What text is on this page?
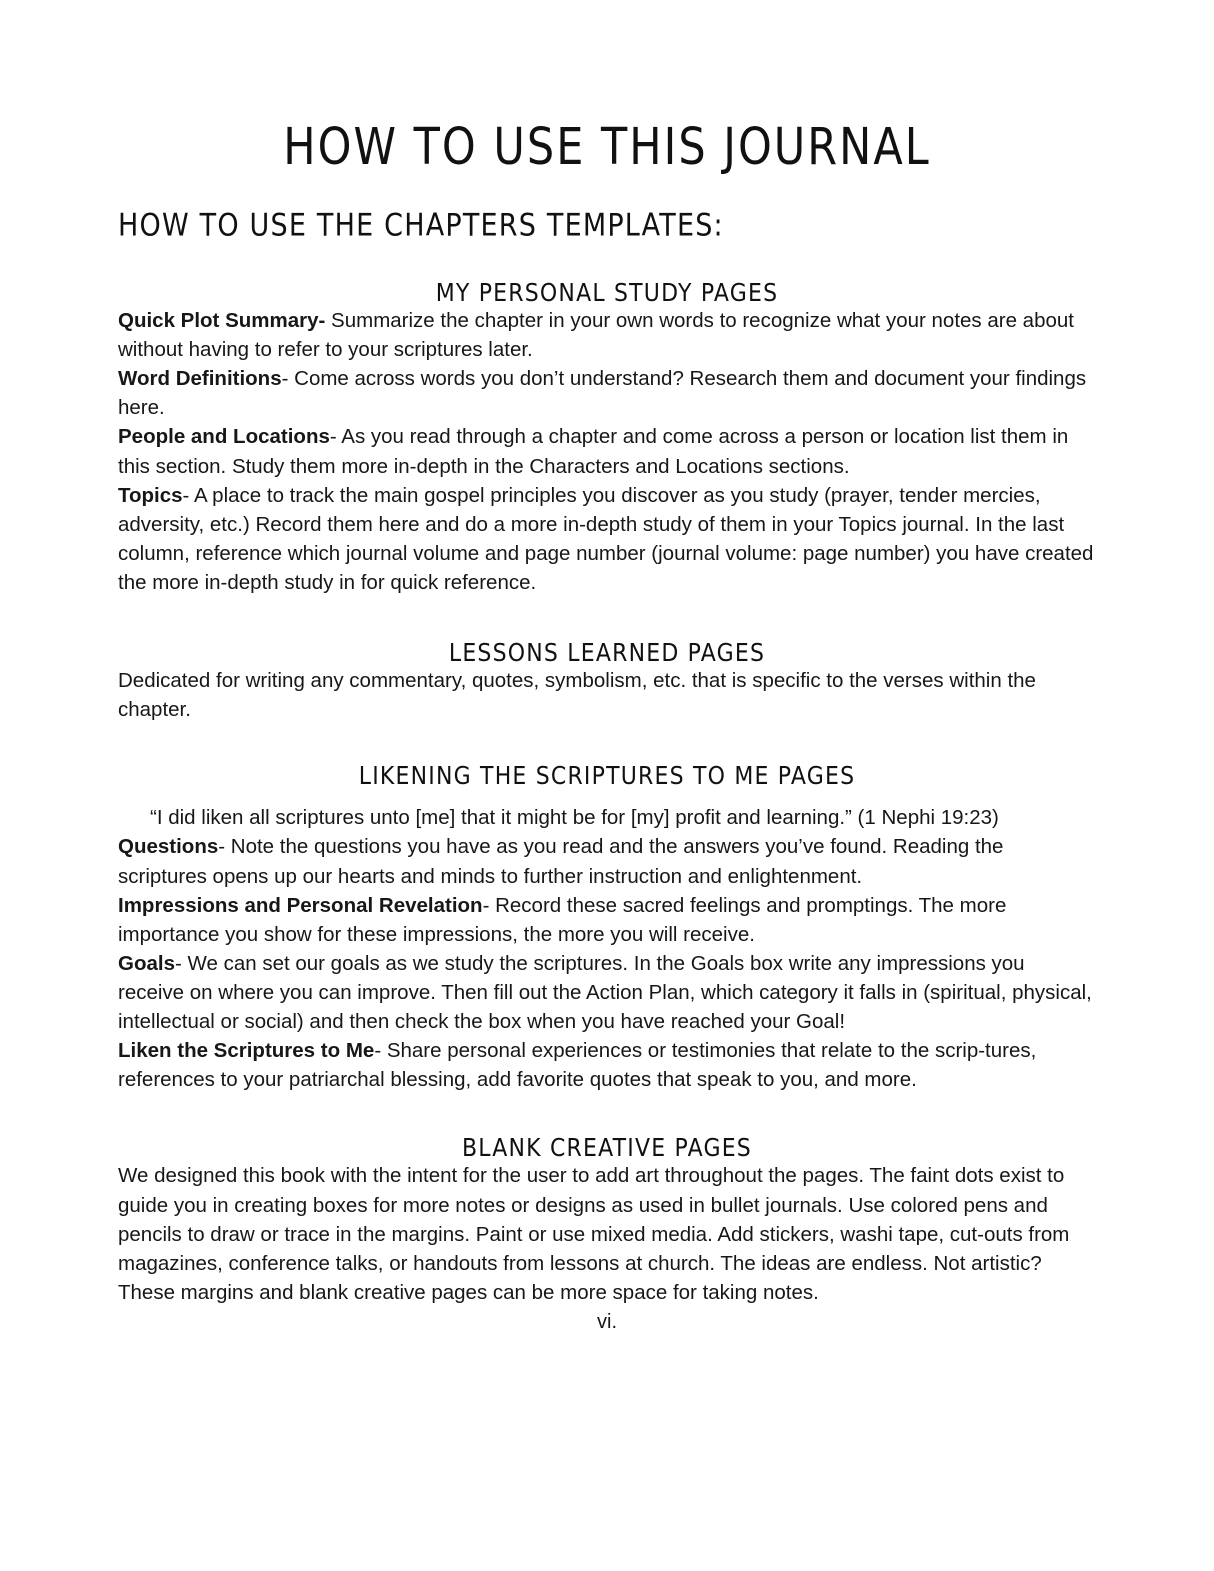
HOW TO USE THIS JOURNAL
HOW TO USE THE CHAPTERS TEMPLATES:
MY PERSONAL STUDY PAGES

Quick Plot Summary- Summarize the chapter in your own words to recognize what your notes are about without having to refer to your scriptures later.

Word Definitions- Come across words you don’t understand? Research them and document your findings here.

People and Locations- As you read through a chapter and come across a person or location list them in this section. Study them more in-depth in the Characters and Locations sections.

Topics- A place to track the main gospel principles you discover as you study (prayer, tender mercies, adversity, etc.) Record them here and do a more in-depth study of them in your Topics journal. In the last column, reference which journal volume and page number (journal volume: page number) you have created the more in-depth study in for quick reference.

LESSONS LEARNED PAGES

Dedicated for writing any commentary, quotes, symbolism, etc. that is specific to the verses within the chapter.

LIKENING THE SCRIPTURES TO ME PAGES

“I did liken all scriptures unto [me] that it might be for [my] profit and learning.” (1 Nephi 19:23)

Questions- Note the questions you have as you read and the answers you’ve found. Reading the scriptures opens up our hearts and minds to further instruction and enlightenment.

Impressions and Personal Revelation- Record these sacred feelings and promptings. The more importance you show for these impressions, the more you will receive.

Goals- We can set our goals as we study the scriptures. In the Goals box write any impressions you receive on where you can improve. Then fill out the Action Plan, which category it falls in (spiritual, physical, intellectual or social) and then check the box when you have reached your Goal!

Liken the Scriptures to Me- Share personal experiences or testimonies that relate to the scrip-tures, references to your patriarchal blessing, add favorite quotes that speak to you, and more.

BLANK CREATIVE PAGES

We designed this book with the intent for the user to add art throughout the pages. The faint dots exist to guide you in creating boxes for more notes or designs as used in bullet journals. Use colored pens and pencils to draw or trace in the margins. Paint or use mixed media. Add stickers, washi tape, cut-outs from magazines, conference talks, or handouts from lessons at church. The ideas are endless. Not artistic? These margins and blank creative pages can be more space for taking notes.

vi.
